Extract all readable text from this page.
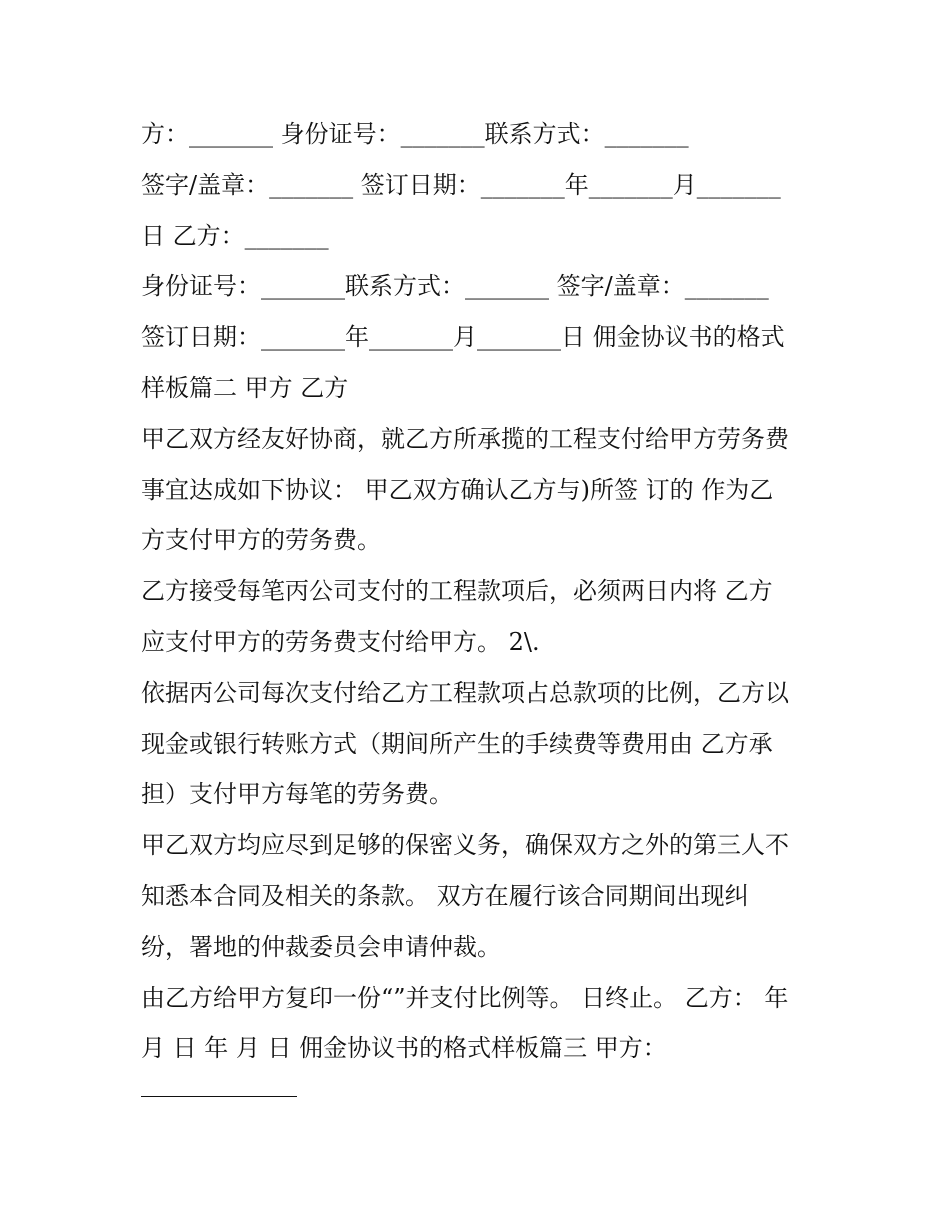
方：_______ 身份证号：_______联系方式：_______
签字/盖章：_______ 签订日期：_______年_______月_______
日 乙方：_______
身份证号：_______联系方式：_______ 签字/盖章：_______
签订日期：_______年_______月_______日 佣金协议书的格式
样板篇二 甲方 乙方
甲乙双方经友好协商，就乙方所承揽的工程支付给甲方劳务费
事宜达成如下协议： 甲乙双方确认乙方与)所签 订的 作为乙
方支付甲方的劳务费。
乙方接受每笔丙公司支付的工程款项后，必须两日内将 乙方
应支付甲方的劳务费支付给甲方。 2\.
依据丙公司每次支付给乙方工程款项占总款项的比例，乙方以
现金或银行转账方式（期间所产生的手续费等费用由 乙方承
担）支付甲方每笔的劳务费。
甲乙双方均应尽到足够的保密义务，确保双方之外的第三人不
知悉本合同及相关的条款。 双方在履行该合同期间出现纠
纷，署地的仲裁委员会申请仲裁。
由乙方给甲方复印一份“”并支付比例等。 日终止。 乙方： 年
月 日 年 月 日 佣金协议书的格式样板篇三 甲方：
